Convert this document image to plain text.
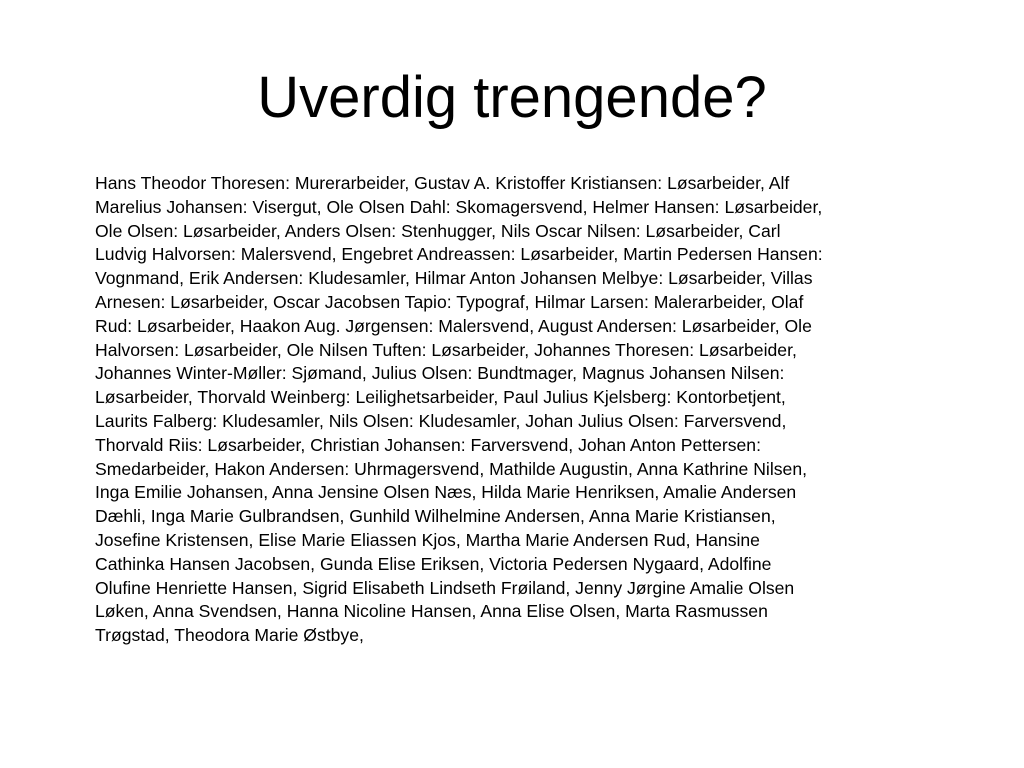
Uverdig trengende?
Hans Theodor Thoresen: Murerarbeider, Gustav A. Kristoffer Kristiansen: Løsarbeider, Alf
Marelius Johansen: Visergut, Ole Olsen Dahl: Skomagersvend, Helmer Hansen: Løsarbeider,
Ole Olsen: Løsarbeider, Anders Olsen: Stenhugger, Nils Oscar Nilsen: Løsarbeider, Carl
Ludvig Halvorsen: Malersvend, Engebret Andreassen: Løsarbeider, Martin Pedersen Hansen:
Vognmand, Erik Andersen: Kludesamler, Hilmar Anton Johansen Melbye: Løsarbeider, Villas
Arnesen: Løsarbeider, Oscar Jacobsen Tapio: Typograf, Hilmar Larsen: Malerarbeider, Olaf
Rud: Løsarbeider, Haakon Aug. Jørgensen: Malersvend, August Andersen: Løsarbeider, Ole
Halvorsen: Løsarbeider, Ole Nilsen Tuften: Løsarbeider, Johannes Thoresen: Løsarbeider,
Johannes Winter-Møller: Sjømand, Julius Olsen: Bundtmager, Magnus Johansen Nilsen:
Løsarbeider, Thorvald Weinberg: Leilighetsarbeider, Paul Julius Kjelsberg: Kontorbetjent,
Laurits Falberg: Kludesamler, Nils Olsen: Kludesamler, Johan Julius Olsen: Farversvend,
Thorvald Riis: Løsarbeider, Christian Johansen: Farversvend, Johan Anton Pettersen:
Smedarbeider, Hakon Andersen: Uhrmagersvend, Mathilde Augustin, Anna Kathrine Nilsen,
Inga Emilie Johansen, Anna Jensine Olsen Næs, Hilda Marie Henriksen, Amalie Andersen
Dæhli, Inga Marie Gulbrandsen, Gunhild Wilhelmine Andersen, Anna Marie Kristiansen,
Josefine Kristensen, Elise Marie Eliassen Kjos, Martha Marie Andersen Rud, Hansine
Cathinka Hansen Jacobsen, Gunda Elise Eriksen, Victoria Pedersen Nygaard, Adolfine
Olufine Henriette Hansen, Sigrid Elisabeth Lindseth Frøiland, Jenny Jørgine Amalie Olsen
Løken, Anna Svendsen, Hanna Nicoline Hansen, Anna Elise Olsen, Marta Rasmussen
Trøgstad, Theodora Marie Østbye,
